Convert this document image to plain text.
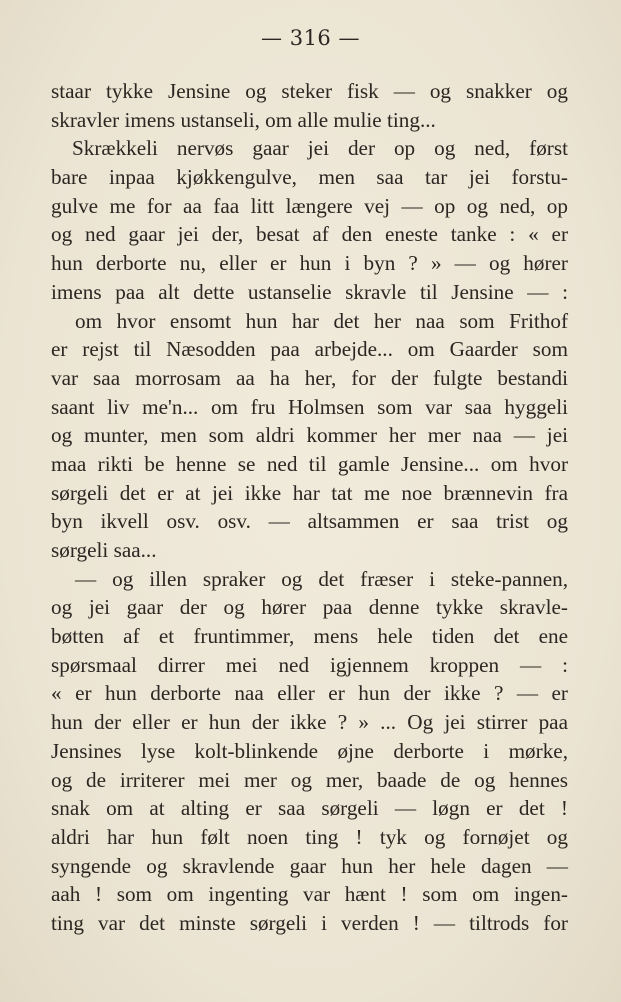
— 316 —
staar tykke Jensine og steker fisk — og snakker og
skravler imens ustanseli, om alle mulie ting...
Skrækkeli nervøs gaar jei der op og ned, først
bare inpaa kjøkkengulve, men saa tar jei forstu-
gulve me for aa faa litt længere vej — op og ned, op
og ned gaar jei der, besat af den eneste tanke : « er
hun derborte nu, eller er hun i byn ? » — og hører
imens paa alt dette ustanselie skravle til Jensine — :
om hvor ensomt hun har det her naa som Frithof
er rejst til Næsodden paa arbejde... om Gaarder som
var saa morrosam aa ha her, for der fulgte bestandi
saant liv me'n... om fru Holmsen som var saa hyggeli
og munter, men som aldri kommer her mer naa — jei
maa rikti be henne se ned til gamle Jensine... om hvor
sørgeli det er at jei ikke har tat me noe brænnevin fra
byn ikvell osv. osv. — altsammen er saa trist og
sørgeli saa...
— og illen spraker og det fræser i steke-pannen,
og jei gaar der og hører paa denne tykke skravle-
bøtten af et fruntimmer, mens hele tiden det ene
spørsmaal dirrer mei ned igjennem kroppen — :
« er hun derborte naa eller er hun der ikke ? — er
hun der eller er hun der ikke ? » ... Og jei stirrer paa
Jensines lyse kolt-blinkende øjne derborte i mørke,
og de irriterer mei mer og mer, baade de og hennes
snak om at alting er saa sørgeli — løgn er det !
aldri har hun følt noen ting ! tyk og fornøjet og
syngende og skravlende gaar hun her hele dagen —
aah ! som om ingenting var hænt ! som om ingen-
ting var det minste sørgeli i verden ! — tiltrods for
